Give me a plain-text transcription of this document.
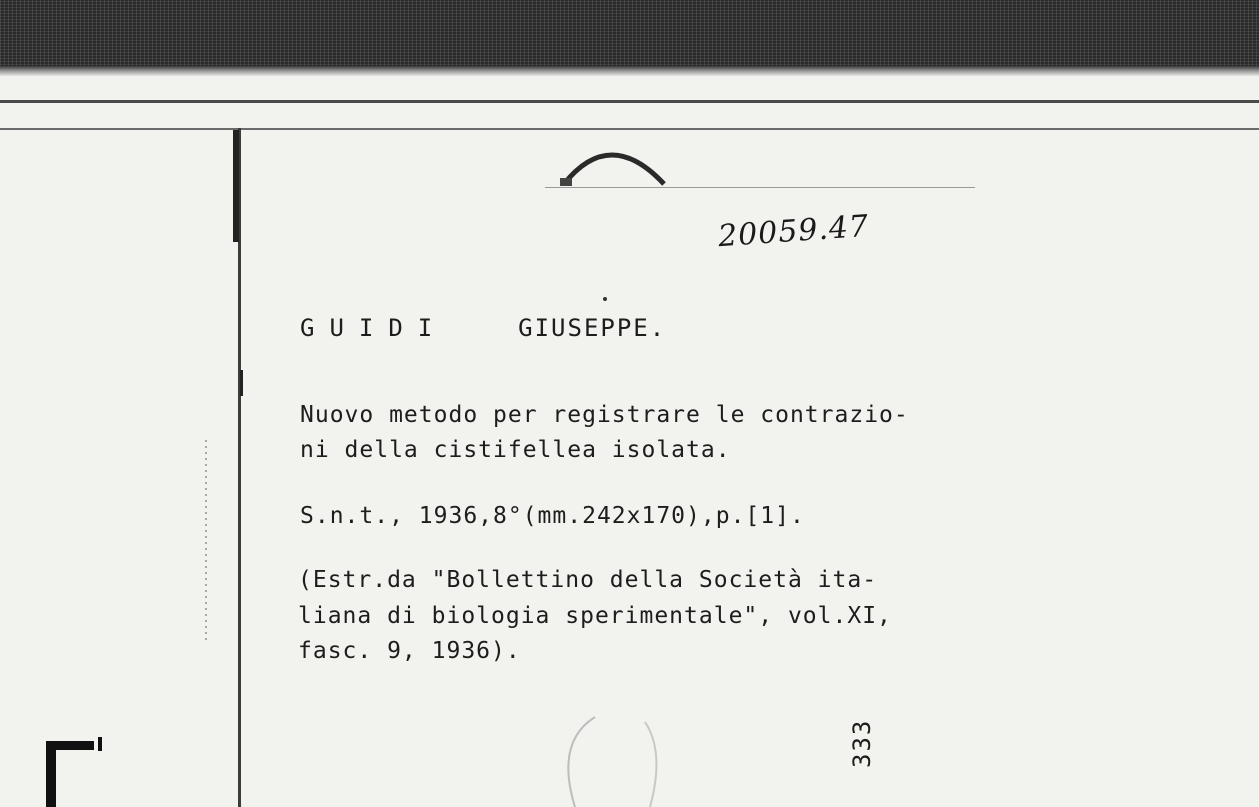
20059.47
GUIDI	GIUSEPPE.
Nuovo metodo per registrare le contrazio-
ni della cistifellea isolata.
S.n.t., 1936,8°(mm.242x170),p.[1].
(Estr.da "Bollettino della Società ita-
liana di biologia sperimentale", vol.XI,
fasc. 9, 1936).
333
